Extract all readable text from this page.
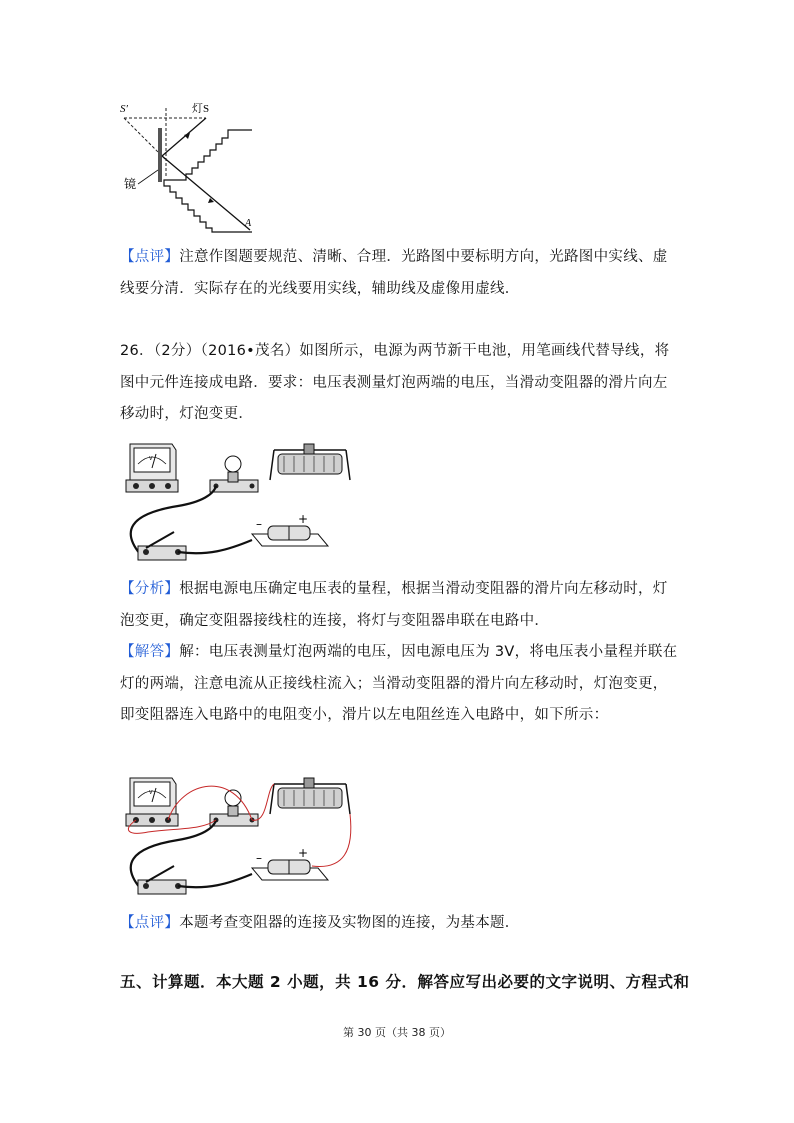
S′	灯S
镜
A
【点评】注意作图题要规范、清晰、合理．光路图中要标明方向，光路图中实线、虚线要分清．实际存在的光线要用实线，辅助线及虚像用虚线．
26．（2分）（2016•茂名）如图所示，电源为两节新干电池，用笔画线代替导线，将图中元件连接成电路．要求：电压表测量灯泡两端的电压，当滑动变阻器的滑片向左移动时，灯泡变更．
V
–	+
【分析】根据电源电压确定电压表的量程，根据当滑动变阻器的滑片向左移动时，灯泡变更，确定变阻器接线柱的连接，将灯与变阻器串联在电路中．
【解答】解：电压表测量灯泡两端的电压，因电源电压为 3V，将电压表小量程并联在灯的两端，注意电流从正接线柱流入；当滑动变阻器的滑片向左移动时，灯泡变更，即变阻器连入电路中的电阻变小，滑片以左电阻丝连入电路中，如下所示：
V
–	+
【点评】本题考查变阻器的连接及实物图的连接，为基本题．
五、计算题．本大题 2 小题，共 16 分．解答应写出必要的文字说明、方程式和
第 30 页（共 38 页）
